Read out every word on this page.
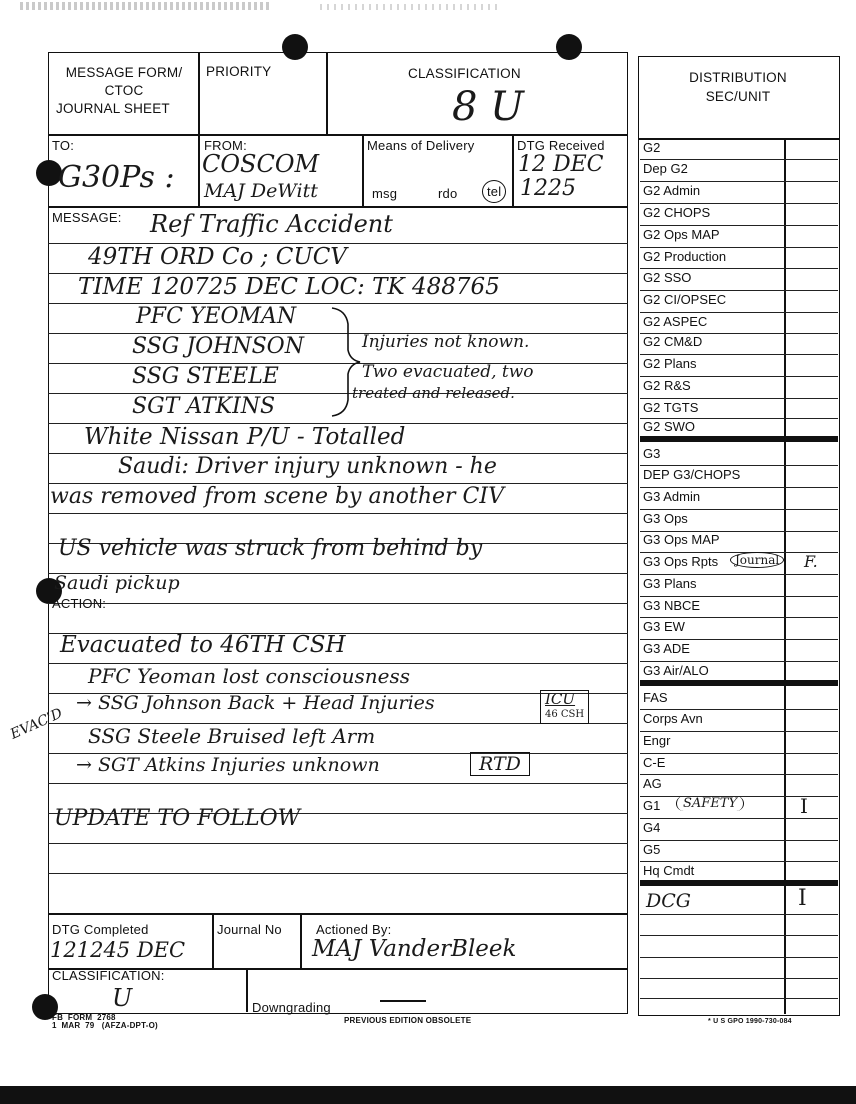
MESSAGE FORM/
CTOC
JOURNAL SHEET
PRIORITY	CLASSIFICATION
8 U
TO:
G30Ps :
FROM:
COSCOM
MAJ DeWitt
Means of Delivery
msg	rdo	tel
DTG Received
12 DEC
1225
MESSAGE: Ref Traffic Accident
49TH ORD Co ; CUCV
TIME 120725 DEC LOC: TK 488765
PFC YEOMAN
SSG JOHNSON
SSG STEELE
SGT ATKINS
Injuries not known.
Two evacuated, two
treated and released.
White Nissan P/U - Totalled
Saudi: Driver injury unknown - he
was removed from scene by another CIV
US vehicle was struck from behind by
Saudi pickup
ACTION:
Evacuated to 46TH CSH
PFC Yeoman lost consciousness
→ SSG Johnson Back + Head Injuries
SSG Steele Bruised left Arm
→ SGT Atkins Injuries unknown
UPDATE TO FOLLOW
ICU
46 CSH
RTD
EVAC'D
DTG Completed
121245 DEC
Journal No	Actioned By:
MAJ VanderBleek
CLASSIFICATION:
U	Downgrading
FB  FORM  2768
1  MAR  79   (AFZA-DPT-O)
PREVIOUS EDITION OBSOLETE
DISTRIBUTION
SEC/UNIT
G2
Dep G2
G2 Admin
G2 CHOPS
G2 Ops MAP
G2 Production
G2 SSO
G2 CI/OPSEC
G2 ASPEC
G2 CM&D
G2 Plans
G2 R&S
G2 TGTS
G2 SWO
G3
DEP G3/CHOPS
G3 Admin
G3 Ops
G3 Ops MAP
G3 Ops Rpts	Journal	F.
G3 Plans
G3 NBCE
G3 EW
G3 ADE
G3 Air/ALO
FAS
Corps Avn
Engr
C-E
AG
G1	SAFETY	I
G4
G5
Hq Cmdt
DCG	I
* U S GPO 1990-730-084
